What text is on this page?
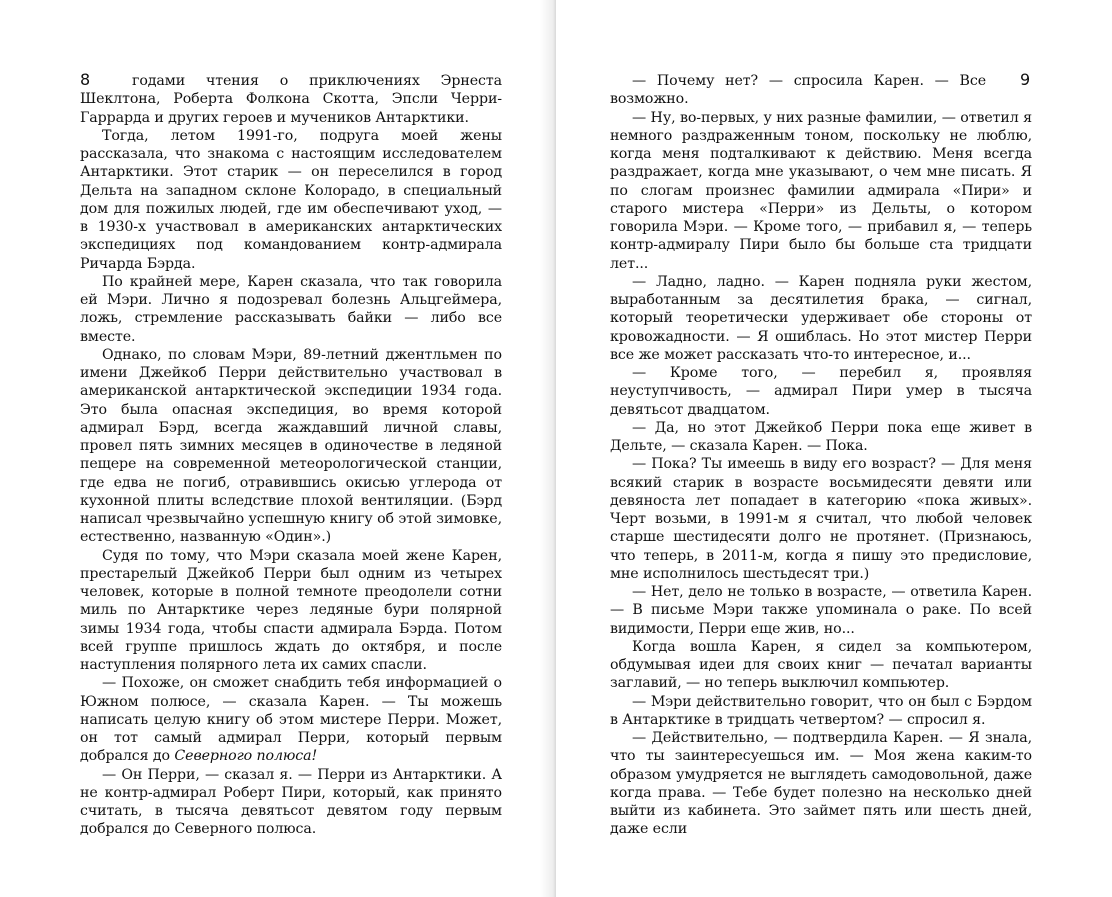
8	годами чтения о приключениях Эрнеста Шеклтона, Роберта Фолкона Скотта, Эпсли Черри-Гаррарда и других героев и мучеников Антарктики.

Тогда, летом 1991-го, подруга моей жены рассказала, что знакома с настоящим исследователем Антарктики. Этот старик — он переселился в город Дельта на западном склоне Колорадо, в специальный дом для пожилых людей, где им обеспечивают уход, — в 1930-х участвовал в американских антарктических экспедициях под командованием контр-адмирала Ричарда Бэрда.

По крайней мере, Карен сказала, что так говорила ей Мэри. Лично я подозревал болезнь Альцгеймера, ложь, стремление рассказывать байки — либо все вместе.

Однако, по словам Мэри, 89-летний джентльмен по имени Джейкоб Перри действительно участвовал в американской антарктической экспедиции 1934 года. Это была опасная экспедиция, во время которой адмирал Бэрд, всегда жаждавший личной славы, провел пять зимних месяцев в одиночестве в ледяной пещере на современной метеорологической станции, где едва не погиб, отравившись окисью углерода от кухонной плиты вследствие плохой вентиляции. (Бэрд написал чрезвычайно успешную книгу об этой зимовке, естественно, названную «Один».)

Судя по тому, что Мэри сказала моей жене Карен, престарелый Джейкоб Перри был одним из четырех человек, которые в полной темноте преодолели сотни миль по Антарктике через ледяные бури полярной зимы 1934 года, чтобы спасти адмирала Бэрда. Потом всей группе пришлось ждать до октября, и после наступления полярного лета их самих спасли.

— Похоже, он сможет снабдить тебя информацией о Южном полюсе, — сказала Карен. — Ты можешь написать целую книгу об этом мистере Перри. Может, он тот самый адмирал Перри, который первым добрался до Северного полюса!

— Он Перри, — сказал я. — Перри из Антарктики. А не контр-адмирал Роберт Пири, который, как принято считать, в тысяча девятьсот девятом году первым добрался до Северного полюса.

9

— Почему нет? — спросила Карен. — Все возможно.

— Ну, во-первых, у них разные фамилии, — ответил я немного раздраженным тоном, поскольку не люблю, когда меня подталкивают к действию. Меня всегда раздражает, когда мне указывают, о чем мне писать. Я по слогам произнес фамилии адмирала «Пири» и старого мистера «Перри» из Дельты, о котором говорила Мэри. — Кроме того, — прибавил я, — теперь контр-адмиралу Пири было бы больше ста тридцати лет...

— Ладно, ладно. — Карен подняла руки жестом, выработанным за десятилетия брака, — сигнал, который теоретически удерживает обе стороны от кровожадности. — Я ошиблась. Но этот мистер Перри все же может рассказать что-то интересное, и...

— Кроме того, — перебил я, проявляя неуступчивость, — адмирал Пири умер в тысяча девятьсот двадцатом.

— Да, но этот Джейкоб Перри пока еще живет в Дельте, — сказала Карен. — Пока.

— Пока? Ты имеешь в виду его возраст? — Для меня всякий старик в возрасте восьмидесяти девяти или девяноста лет попадает в категорию «пока живых». Черт возьми, в 1991-м я считал, что любой человек старше шестидесяти долго не протянет. (Признаюсь, что теперь, в 2011-м, когда я пишу это предисловие, мне исполнилось шестьдесят три.)

— Нет, дело не только в возрасте, — ответила Карен. — В письме Мэри также упоминала о раке. По всей видимости, Перри еще жив, но...

Когда вошла Карен, я сидел за компьютером, обдумывая идеи для своих книг — печатал варианты заглавий, — но теперь выключил компьютер.

— Мэри действительно говорит, что он был с Бэрдом в Антарктике в тридцать четвертом? — спросил я.

— Действительно, — подтвердила Карен. — Я знала, что ты заинтересуешься им. — Моя жена каким-то образом умудряется не выглядеть самодовольной, даже когда права. — Тебе будет полезно на несколько дней выйти из кабинета. Это займет пять или шесть дней, даже если
